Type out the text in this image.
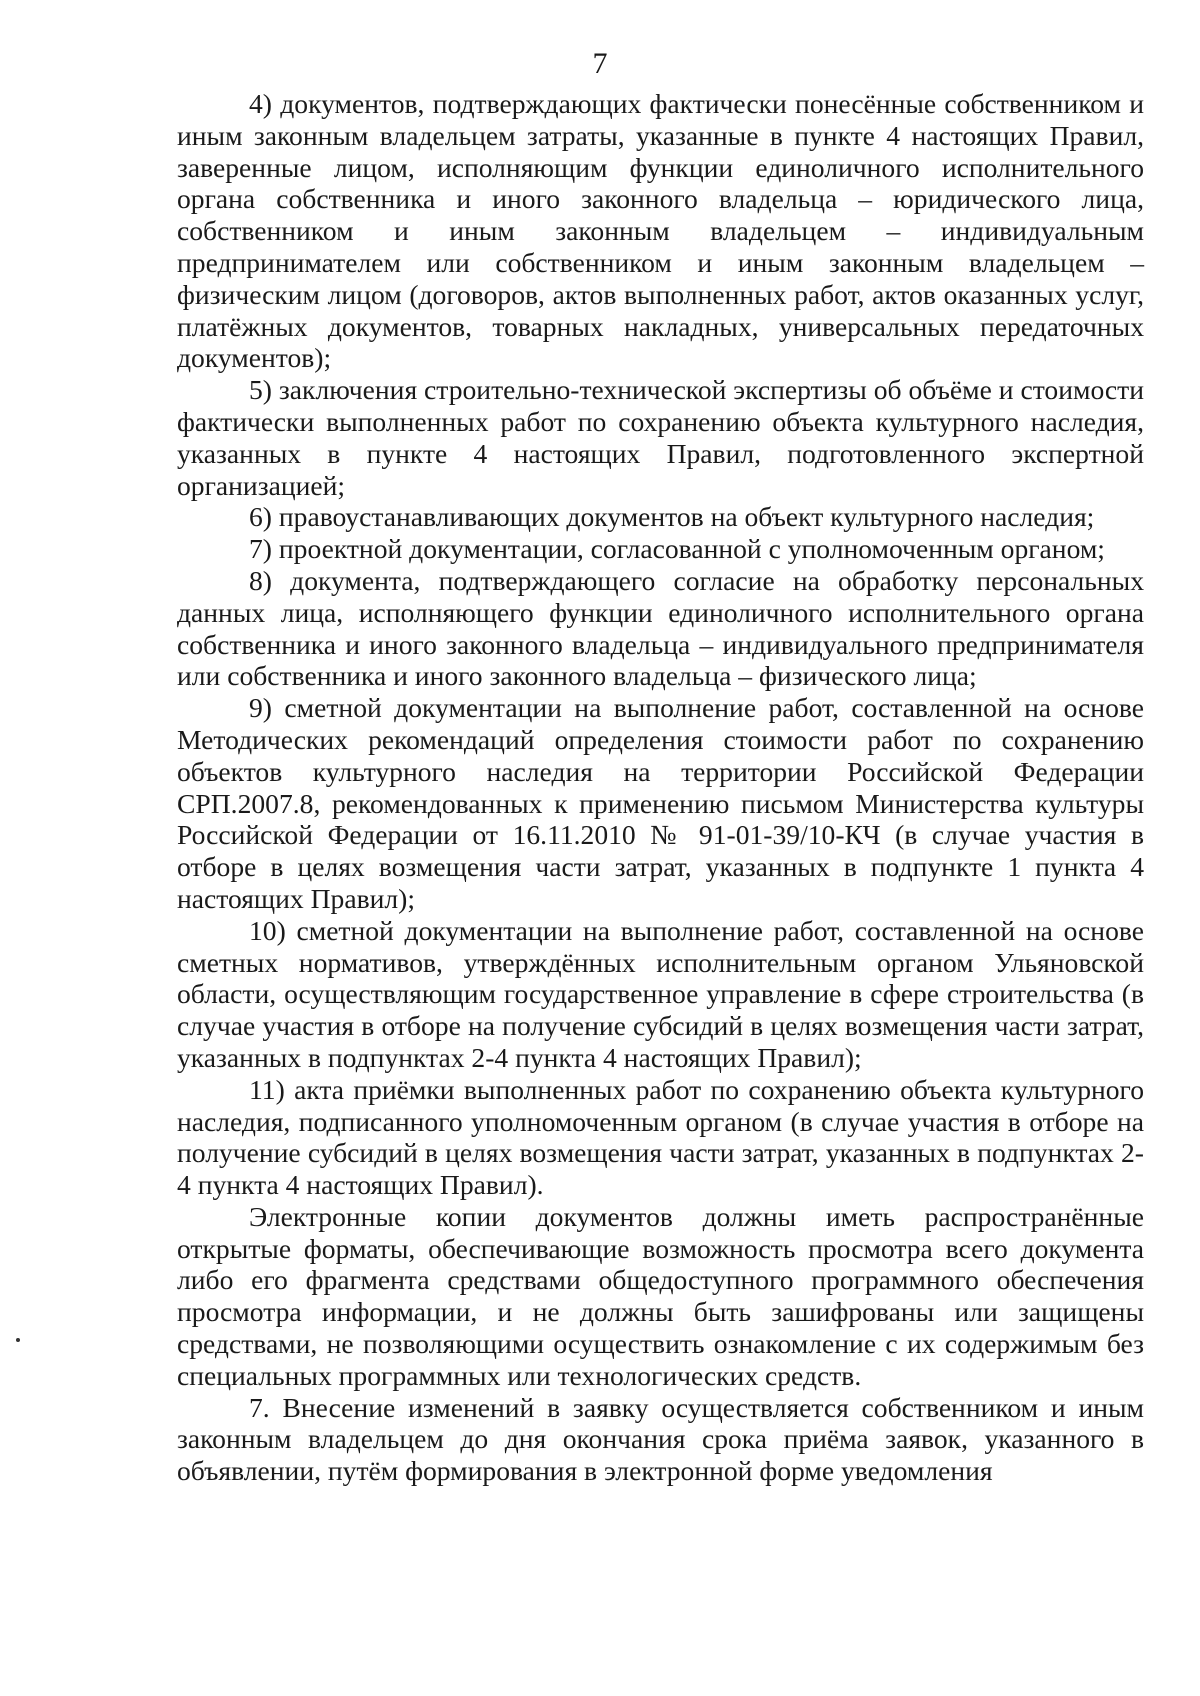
7

4) документов, подтверждающих фактически понесённые собственником и иным законным владельцем затраты, указанные в пункте 4 настоящих Правил, заверенные лицом, исполняющим функции единоличного исполнительного органа собственника и иного законного владельца – юридического лица, собственником и иным законным владельцем – индивидуальным предпринимателем или собственником и иным законным владельцем – физическим лицом (договоров, актов выполненных работ, актов оказанных услуг, платёжных документов, товарных накладных, универсальных передаточных документов);

5) заключения строительно-технической экспертизы об объёме и стоимости фактически выполненных работ по сохранению объекта культурного наследия, указанных в пункте 4 настоящих Правил, подготовленного экспертной организацией;

6) правоустанавливающих документов на объект культурного наследия;

7) проектной документации, согласованной с уполномоченным органом;

8) документа, подтверждающего согласие на обработку персональных данных лица, исполняющего функции единоличного исполнительного органа собственника и иного законного владельца – индивидуального предпринимателя или собственника и иного законного владельца – физического лица;

9) сметной документации на выполнение работ, составленной на основе Методических рекомендаций определения стоимости работ по сохранению объектов культурного наследия на территории Российской Федерации СРП.2007.8, рекомендованных к применению письмом Министерства культуры Российской Федерации от 16.11.2010 № 91-01-39/10-КЧ (в случае участия в отборе в целях возмещения части затрат, указанных в подпункте 1 пункта 4 настоящих Правил);

10) сметной документации на выполнение работ, составленной на основе сметных нормативов, утверждённых исполнительным органом Ульяновской области, осуществляющим государственное управление в сфере строительства (в случае участия в отборе на получение субсидий в целях возмещения части затрат, указанных в подпунктах 2-4 пункта 4 настоящих Правил);

11) акта приёмки выполненных работ по сохранению объекта культурного наследия, подписанного уполномоченным органом (в случае участия в отборе на получение субсидий в целях возмещения части затрат, указанных в подпунктах 2-4 пункта 4 настоящих Правил).

Электронные копии документов должны иметь распространённые открытые форматы, обеспечивающие возможность просмотра всего документа либо его фрагмента средствами общедоступного программного обеспечения просмотра информации, и не должны быть зашифрованы или защищены средствами, не позволяющими осуществить ознакомление с их содержимым без специальных программных или технологических средств.

7. Внесение изменений в заявку осуществляется собственником и иным законным владельцем до дня окончания срока приёма заявок, указанного в объявлении, путём формирования в электронной форме уведомления
